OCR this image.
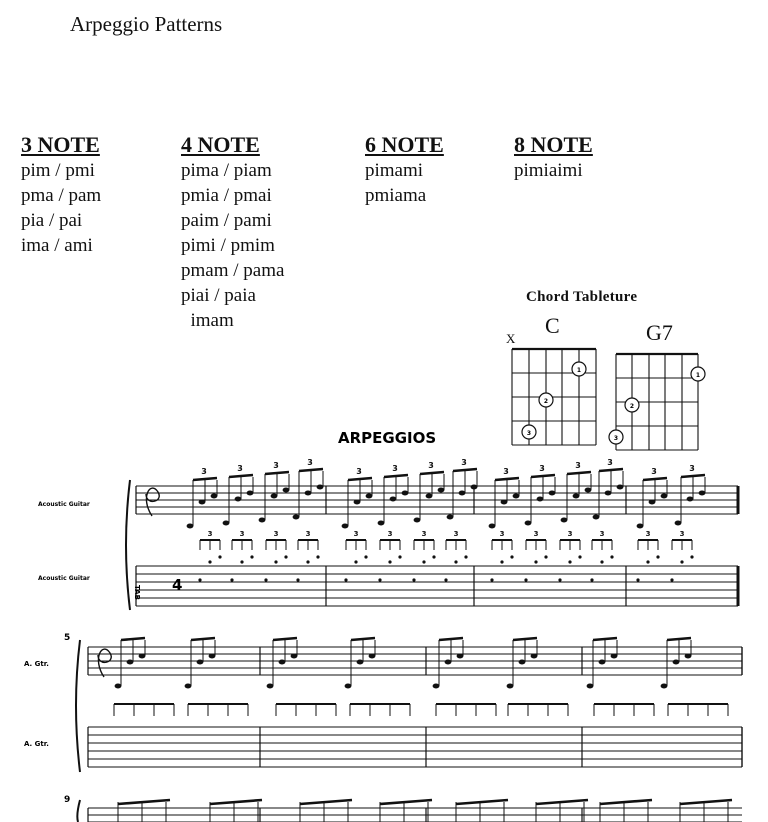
Arpeggio Patterns
3 NOTE
pim / pmi
pma / pam
pia / pai
ima / ami
4 NOTE
pima / piam
pmia / pmai
paim / pami
pimi / pmim
pmam / pama
piai / paia
imam
6 NOTE
pimami
pmiama
8 NOTE
pimiaimi
Chord Tableture
C	G7
X
1
2
3
1
2
3
ARPEGGIOS
Acoustic Guitar
Acoustic Guitar
3	3	3	3
3	3	3	3
3	3	3	3
3	3
3	3	3	3	3	3	3	3	3	3	3	3	3	3
TAB 4
5
A. Gtr.
A. Gtr.
9
